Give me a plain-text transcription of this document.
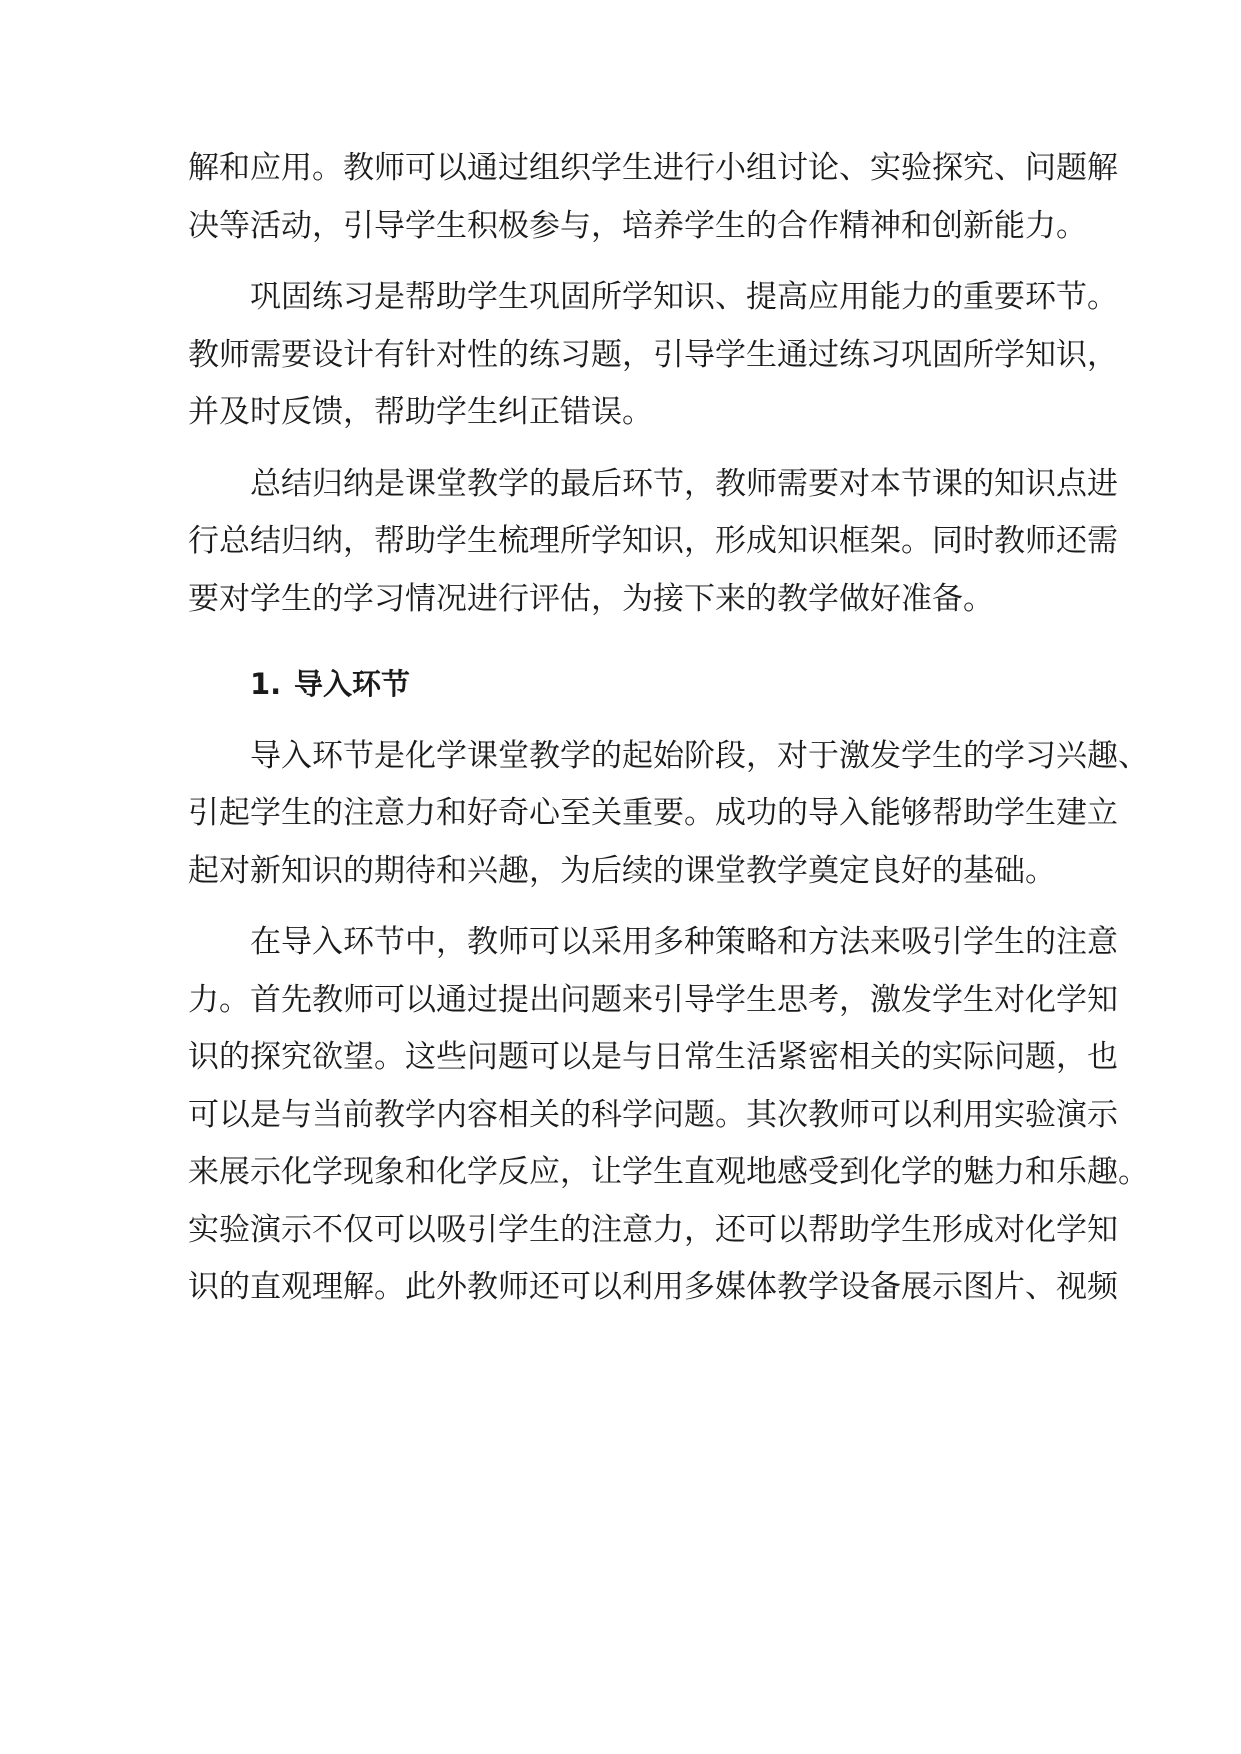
解和应用。教师可以通过组织学生进行小组讨论、实验探究、问题解
决等活动，引导学生积极参与，培养学生的合作精神和创新能力。
巩固练习是帮助学生巩固所学知识、提高应用能力的重要环节。
教师需要设计有针对性的练习题，引导学生通过练习巩固所学知识，
并及时反馈，帮助学生纠正错误。
总结归纳是课堂教学的最后环节，教师需要对本节课的知识点进
行总结归纳，帮助学生梳理所学知识，形成知识框架。同时教师还需
要对学生的学习情况进行评估，为接下来的教学做好准备。
1. 导入环节
导入环节是化学课堂教学的起始阶段，对于激发学生的学习兴趣、
引起学生的注意力和好奇心至关重要。成功的导入能够帮助学生建立
起对新知识的期待和兴趣，为后续的课堂教学奠定良好的基础。
在导入环节中，教师可以采用多种策略和方法来吸引学生的注意
力。首先教师可以通过提出问题来引导学生思考，激发学生对化学知
识的探究欲望。这些问题可以是与日常生活紧密相关的实际问题，也
可以是与当前教学内容相关的科学问题。其次教师可以利用实验演示
来展示化学现象和化学反应，让学生直观地感受到化学的魅力和乐趣。
实验演示不仅可以吸引学生的注意力，还可以帮助学生形成对化学知
识的直观理解。此外教师还可以利用多媒体教学设备展示图片、视频
